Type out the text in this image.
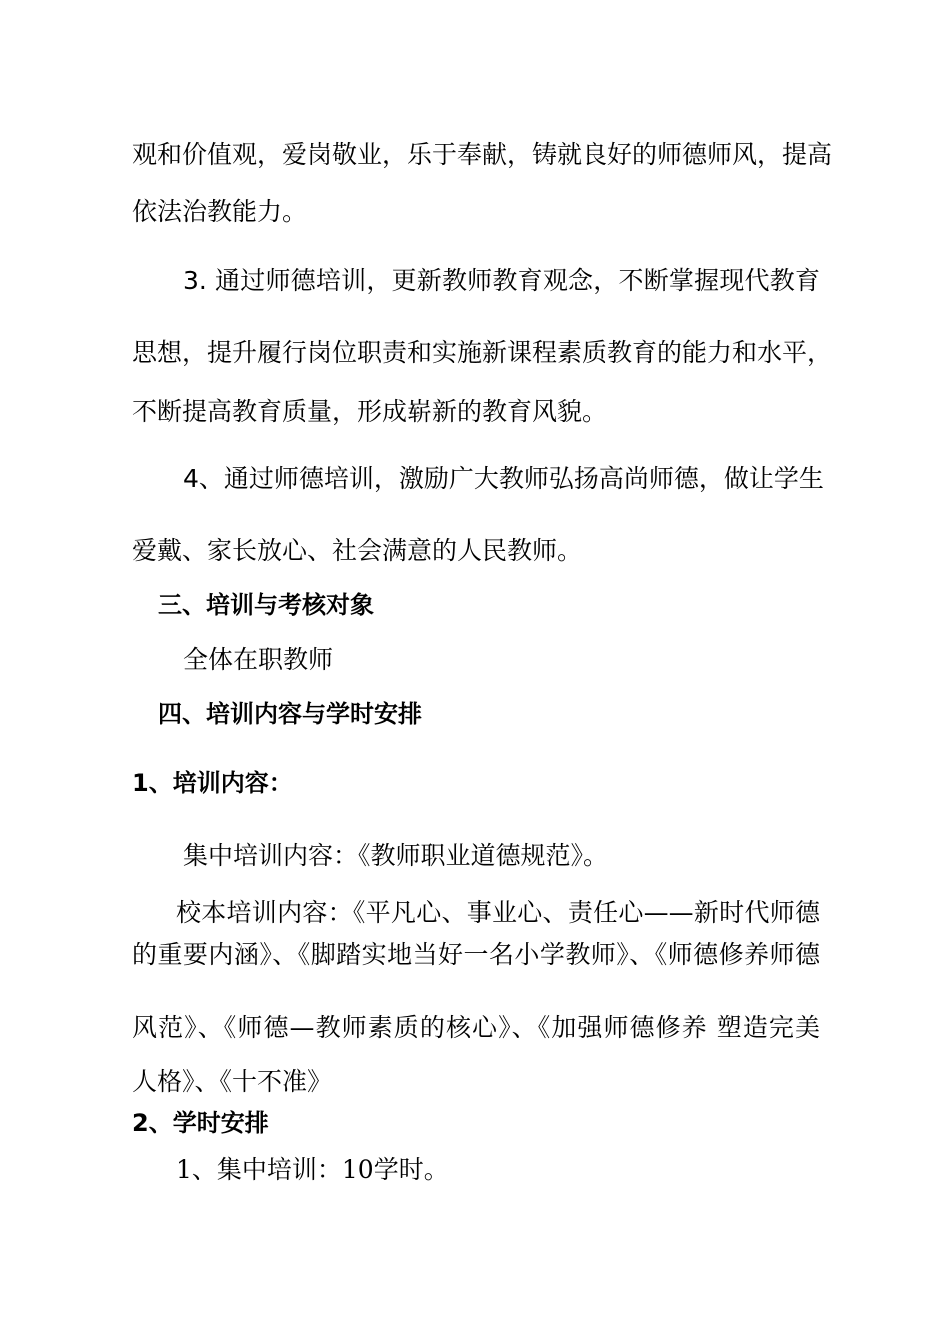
观和价值观，爱岗敬业，乐于奉献，铸就良好的师德师风，提高
依法治教能力。
3. 通过师德培训，更新教师教育观念，不断掌握现代教育
思想，提升履行岗位职责和实施新课程素质教育的能力和水平，
不断提高教育质量，形成崭新的教育风貌。
4、通过师德培训，激励广大教师弘扬高尚师德，做让学生
爱戴、家长放心、社会满意的人民教师。
三、培训与考核对象
全体在职教师
四、培训内容与学时安排
1、培训内容：
集中培训内容：《教师职业道德规范》。
校本培训内容：《平凡心、事业心、责任心——新时代师德
的重要内涵》、《脚踏实地当好一名小学教师》、《师德修养师德
风范》、《师德—教师素质的核心》、《加强师德修养 塑造完美
人格》、《十不准》
2、学时安排
1、集中培训：10学时。
